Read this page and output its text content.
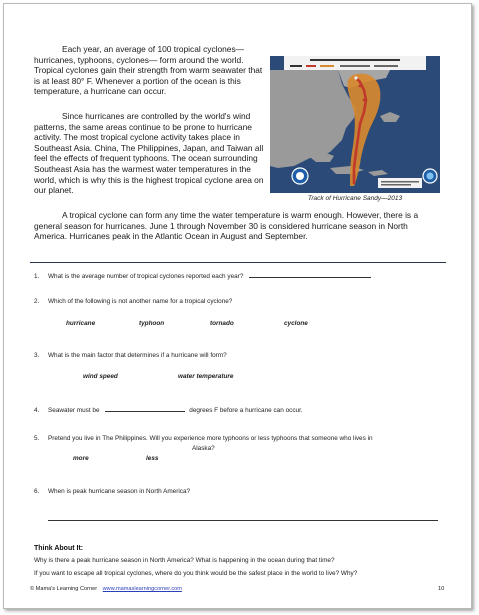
Each year, an average of 100 tropical cyclones—hurricanes, typhoons, cyclones— form around the world. Tropical cyclones gain their strength from warm seawater that is at least 80° F. Whenever a portion of the ocean is this temperature, a hurricane can occur.

Since hurricanes are controlled by the world's wind patterns, the same areas continue to be prone to hurricane activity. The most tropical cyclone activity takes place in Southeast Asia. China, The Philippines, Japan, and Taiwan all feel the effects of frequent typhoons. The ocean surrounding Southeast Asia has the warmest water temperatures in the world, which is why this is the highest tropical cyclone area on our planet.

A tropical cyclone can form any time the water temperature is warm enough. However, there is a general season for hurricanes. June 1 through November 30 is considered hurricane season in North America. Hurricanes peak in the Atlantic Ocean in August and September.

Track of Hurricane Sandy—2013
1. What is the average number of tropical cyclones reported each year?
2. Which of the following is not another name for a tropical cyclone?
hurricane	typhoon	tornado	cyclone
3. What is the main factor that determines if a hurricane will form?
wind speed	water temperature
4. Seawater must be	degrees F before a hurricane can occur.
5. Pretend you live in The Philippines. Will you experience more typhoons or less typhoons that someone who lives in
Alaska?
more	less
6. When is peak hurricane season in North America?
Think About It:
Why is there a peak hurricane season in North America? What is happening in the ocean during that time?
If you want to escape all tropical cyclones, where do you think would be the safest place in the world to live? Why?
© Mama's Learning Corner www.mamaslearningcorner.com	10
